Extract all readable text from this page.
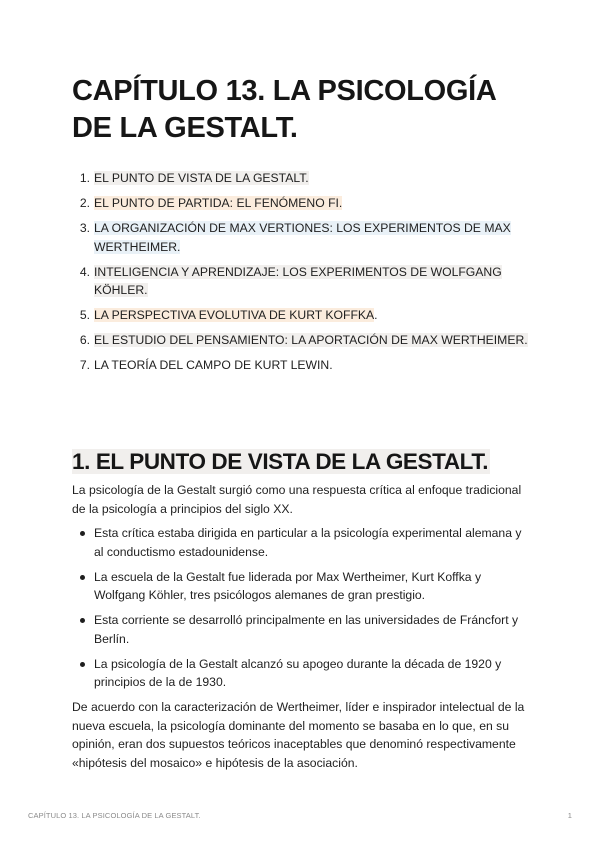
CAPÍTULO 13. LA PSICOLOGÍA DE LA GESTALT.
1. EL PUNTO DE VISTA DE LA GESTALT.
2. EL PUNTO DE PARTIDA: EL FENÓMENO FI.
3. LA ORGANIZACIÓN DE MAX VERTIONES: LOS EXPERIMENTOS DE MAX WERTHEIMER.
4. INTELIGENCIA Y APRENDIZAJE: LOS EXPERIMENTOS DE WOLFGANG KÖHLER.
5. LA PERSPECTIVA EVOLUTIVA DE KURT KOFFKA.
6. EL ESTUDIO DEL PENSAMIENTO: LA APORTACIÓN DE MAX WERTHEIMER.
7. LA TEORÍA DEL CAMPO DE KURT LEWIN.
1. EL PUNTO DE VISTA DE LA GESTALT.

La psicología de la Gestalt surgió como una respuesta crítica al enfoque tradicional de la psicología a principios del siglo XX.

Esta crítica estaba dirigida en particular a la psicología experimental alemana y al conductismo estadounidense.
La escuela de la Gestalt fue liderada por Max Wertheimer, Kurt Koffka y Wolfgang Köhler, tres psicólogos alemanes de gran prestigio.
Esta corriente se desarrolló principalmente en las universidades de Fráncfort y Berlín.
La psicología de la Gestalt alcanzó su apogeo durante la década de 1920 y principios de la de 1930.

De acuerdo con la caracterización de Wertheimer, líder e inspirador intelectual de la nueva escuela, la psicología dominante del momento se basaba en lo que, en su opinión, eran dos supuestos teóricos inaceptables que denominó respectivamente «hipótesis del mosaico» e hipótesis de la asociación.

CAPÍTULO 13. LA PSICOLOGÍA DE LA GESTALT.	1
